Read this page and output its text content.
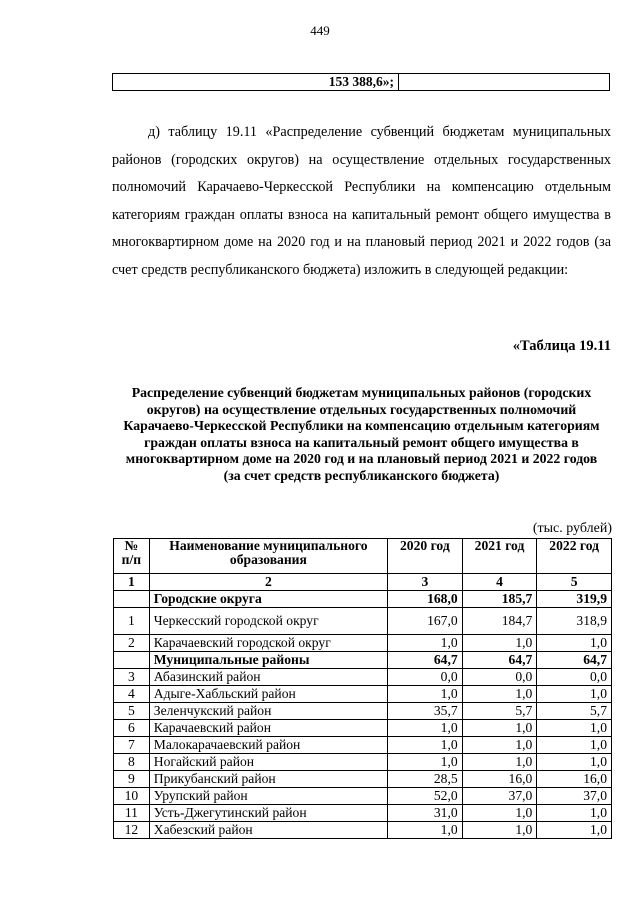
449
153 388,6»;

д) таблицу 19.11 «Распределение субвенций бюджетам муниципальных районов (городских округов) на осуществление отдельных государственных полномочий Карачаево-Черкесской Республики на компенсацию отдельным категориям граждан оплаты взноса на капитальный ремонт общего имущества в многоквартирном доме на 2020 год и на плановый период 2021 и 2022 годов (за счет средств республиканского бюджета) изложить в следующей редакции:

«Таблица 19.11
Распределение субвенций бюджетам муниципальных районов (городских округов) на осуществление отдельных государственных полномочий Карачаево-Черкесской Республики на компенсацию отдельным категориям граждан оплаты взноса на капитальный ремонт общего имущества в многоквартирном доме на 2020 год и на плановый период 2021 и 2022 годов
(за счет средств республиканского бюджета)
(тыс. рублей)
№ п/п	Наименование муниципального образования	2020 год	2021 год	2022 год
1	2	3	4	5
	Городские округа	168,0	185,7	319,9
1	Черкесский городской округ	167,0	184,7	318,9
2	Карачаевский городской округ	1,0	1,0	1,0
	Муниципальные районы	64,7	64,7	64,7
3	Абазинский район	0,0	0,0	0,0
4	Адыге-Хабльский район	1,0	1,0	1,0
5	Зеленчукский район	35,7	5,7	5,7
6	Карачаевский район	1,0	1,0	1,0
7	Малокарачаевский район	1,0	1,0	1,0
8	Ногайский район	1,0	1,0	1,0
9	Прикубанский район	28,5	16,0	16,0
10	Урупский район	52,0	37,0	37,0
11	Усть-Джегутинский район	31,0	1,0	1,0
12	Хабезский район	1,0	1,0	1,0
